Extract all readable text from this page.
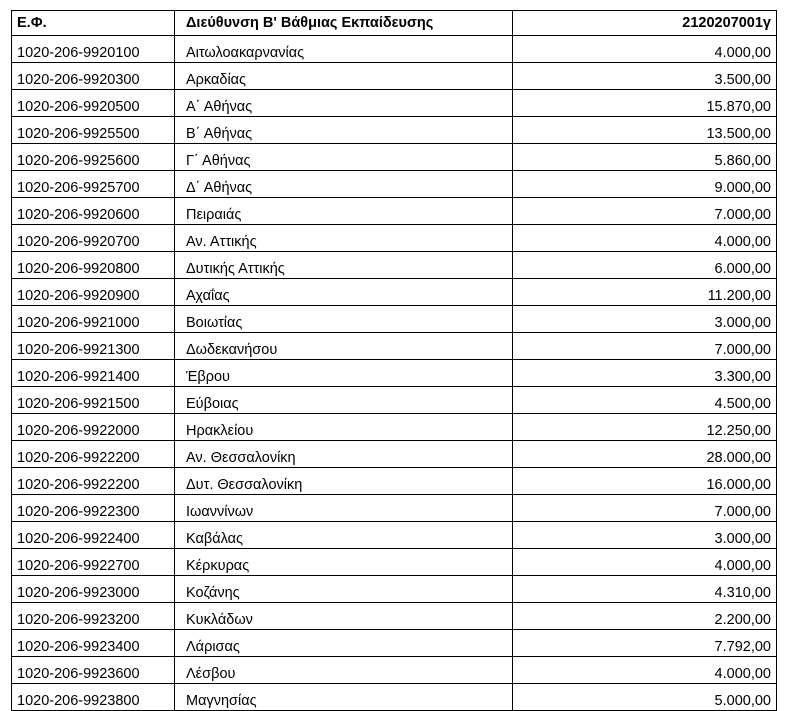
Ε.Φ.	Διεύθυνση Β' Βάθμιας Εκπαίδευσης	2120207001γ
1020-206-9920100	Αιτωλοακαρνανίας	4.000,00
1020-206-9920300	Αρκαδίας	3.500,00
1020-206-9920500	Α΄ Αθήνας	15.870,00
1020-206-9925500	Β΄ Αθήνας	13.500,00
1020-206-9925600	Γ΄ Αθήνας	5.860,00
1020-206-9925700	Δ΄ Αθήνας	9.000,00
1020-206-9920600	Πειραιάς	7.000,00
1020-206-9920700	Αν. Αττικής	4.000,00
1020-206-9920800	Δυτικής Αττικής	6.000,00
1020-206-9920900	Αχαΐας	11.200,00
1020-206-9921000	Βοιωτίας	3.000,00
1020-206-9921300	Δωδεκανήσου	7.000,00
1020-206-9921400	Έβρου	3.300,00
1020-206-9921500	Εύβοιας	4.500,00
1020-206-9922000	Ηρακλείου	12.250,00
1020-206-9922200	Αν. Θεσσαλονίκη	28.000,00
1020-206-9922200	Δυτ. Θεσσαλονίκη	16.000,00
1020-206-9922300	Ιωαννίνων	7.000,00
1020-206-9922400	Καβάλας	3.000,00
1020-206-9922700	Κέρκυρας	4.000,00
1020-206-9923000	Κοζάνης	4.310,00
1020-206-9923200	Κυκλάδων	2.200,00
1020-206-9923400	Λάρισας	7.792,00
1020-206-9923600	Λέσβου	4.000,00
1020-206-9923800	Μαγνησίας	5.000,00
